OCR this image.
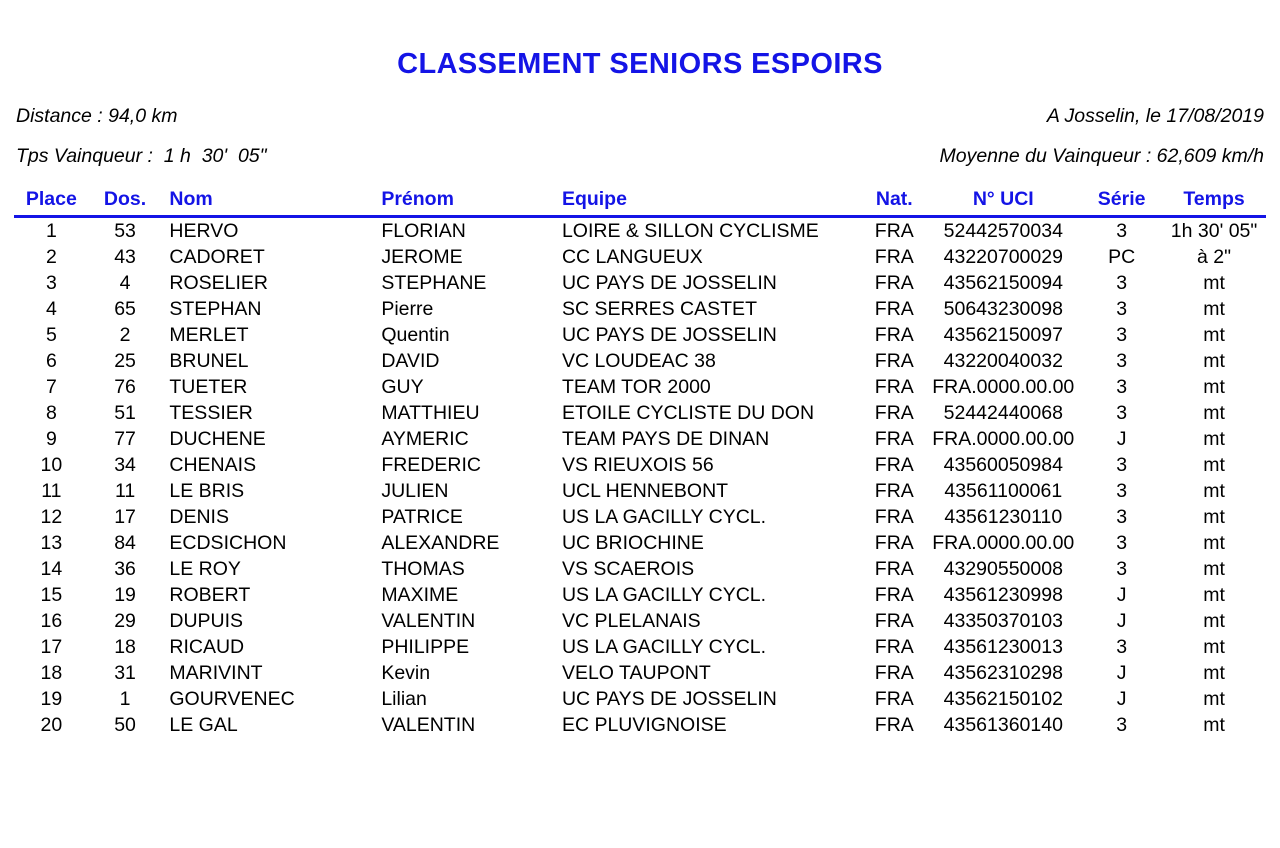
CLASSEMENT SENIORS ESPOIRS
Distance : 94,0 km	A Josselin, le 17/08/2019
Tps Vainqueur :  1 h  30'  05"	Moyenne du Vainqueur : 62,609 km/h
Place	Dos.	Nom	Prénom	Equipe	Nat.	N° UCI	Série	Temps
1	53	HERVO	FLORIAN	LOIRE & SILLON CYCLISME	FRA	52442570034	3	1h 30' 05"
2	43	CADORET	JEROME	CC LANGUEUX	FRA	43220700029	PC	à 2"
3	4	ROSELIER	STEPHANE	UC PAYS DE JOSSELIN	FRA	43562150094	3	mt
4	65	STEPHAN	Pierre	SC SERRES CASTET	FRA	50643230098	3	mt
5	2	MERLET	Quentin	UC PAYS DE JOSSELIN	FRA	43562150097	3	mt
6	25	BRUNEL	DAVID	VC LOUDEAC 38	FRA	43220040032	3	mt
7	76	TUETER	GUY	TEAM TOR 2000	FRA	FRA.0000.00.00	3	mt
8	51	TESSIER	MATTHIEU	ETOILE CYCLISTE DU DON	FRA	52442440068	3	mt
9	77	DUCHENE	AYMERIC	TEAM PAYS DE DINAN	FRA	FRA.0000.00.00	J	mt
10	34	CHENAIS	FREDERIC	VS RIEUXOIS 56	FRA	43560050984	3	mt
11	11	LE BRIS	JULIEN	UCL HENNEBONT	FRA	43561100061	3	mt
12	17	DENIS	PATRICE	US LA GACILLY CYCL.	FRA	43561230110	3	mt
13	84	ECDSICHON	ALEXANDRE	UC BRIOCHINE	FRA	FRA.0000.00.00	3	mt
14	36	LE ROY	THOMAS	VS SCAEROIS	FRA	43290550008	3	mt
15	19	ROBERT	MAXIME	US LA GACILLY CYCL.	FRA	43561230998	J	mt
16	29	DUPUIS	VALENTIN	VC PLELANAIS	FRA	43350370103	J	mt
17	18	RICAUD	PHILIPPE	US LA GACILLY CYCL.	FRA	43561230013	3	mt
18	31	MARIVINT	Kevin	VELO TAUPONT	FRA	43562310298	J	mt
19	1	GOURVENEC	Lilian	UC PAYS DE JOSSELIN	FRA	43562150102	J	mt
20	50	LE GAL	VALENTIN	EC PLUVIGNOISE	FRA	43561360140	3	mt
